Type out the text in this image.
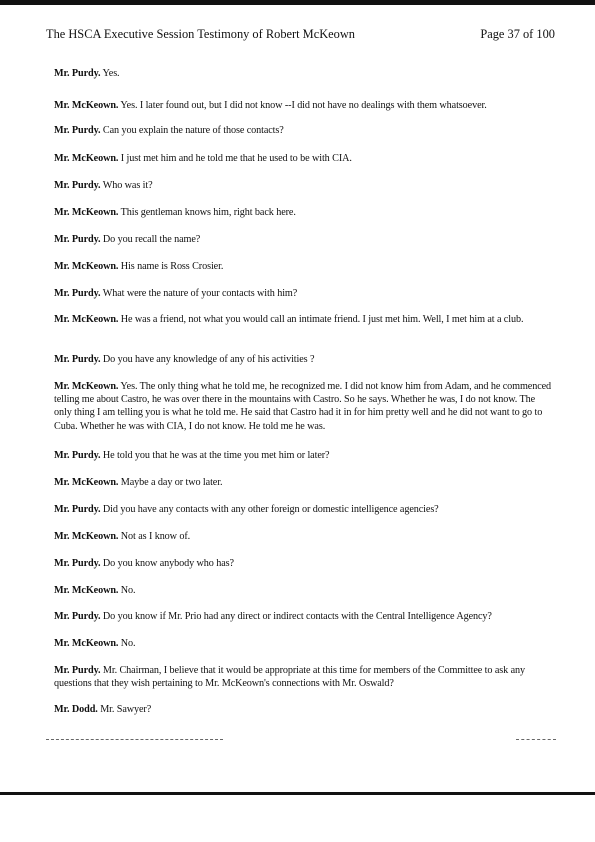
The HSCA Executive Session Testimony of Robert McKeown	Page 37 of 100

Mr. Purdy. Yes.

Mr. McKeown. Yes. I later found out, but I did not know --I did not have no dealings with them whatsoever.

Mr. Purdy. Can you explain the nature of those contacts?

Mr. McKeown. I just met him and he told me that he used to be with CIA.

Mr. Purdy. Who was it?

Mr. McKeown. This gentleman knows him, right back here.

Mr. Purdy. Do you recall the name?

Mr. McKeown. His name is Ross Crosier.

Mr. Purdy. What were the nature of your contacts with him?

Mr. McKeown. He was a friend, not what you would call an intimate friend. I just met him. Well, I met him at a club.

Mr. Purdy. Do you have any knowledge of any of his activities ?

Mr. McKeown. Yes. The only thing what he told me, he recognized me. I did not know him from Adam, and he commenced telling me about Castro, he was over there in the mountains with Castro. So he says. Whether he was, I do not know. The only thing I am telling you is what he told me. He said that Castro had it in for him pretty well and he did not want to go to Cuba. Whether he was with CIA, I do not know. He told me he was.

Mr. Purdy. He told you that he was at the time you met him or later?

Mr. McKeown. Maybe a day or two later.

Mr. Purdy. Did you have any contacts with any other foreign or domestic intelligence agencies?

Mr. McKeown. Not as I know of.

Mr. Purdy. Do you know anybody who has?

Mr. McKeown. No.

Mr. Purdy. Do you know if Mr. Prio had any direct or indirect contacts with the Central Intelligence Agency?

Mr. McKeown. No.

Mr. Purdy. Mr. Chairman, I believe that it would be appropriate at this time for members of the Committee to ask any questions that they wish pertaining to Mr. McKeown's connections with Mr. Oswald?

Mr. Dodd. Mr. Sawyer?
